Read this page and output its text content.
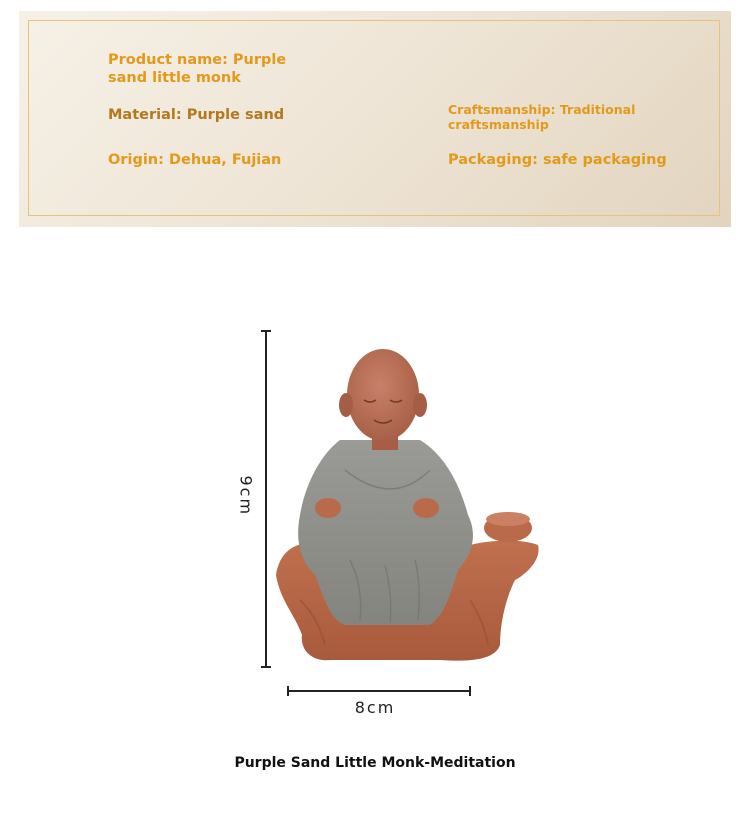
Product name: Purple sand little monk
Material: Purple sand
Origin: Dehua, Fujian
Craftsmanship: Traditional craftsmanship
Packaging: safe packaging
9cm
8cm
Purple Sand Little Monk-Meditation
